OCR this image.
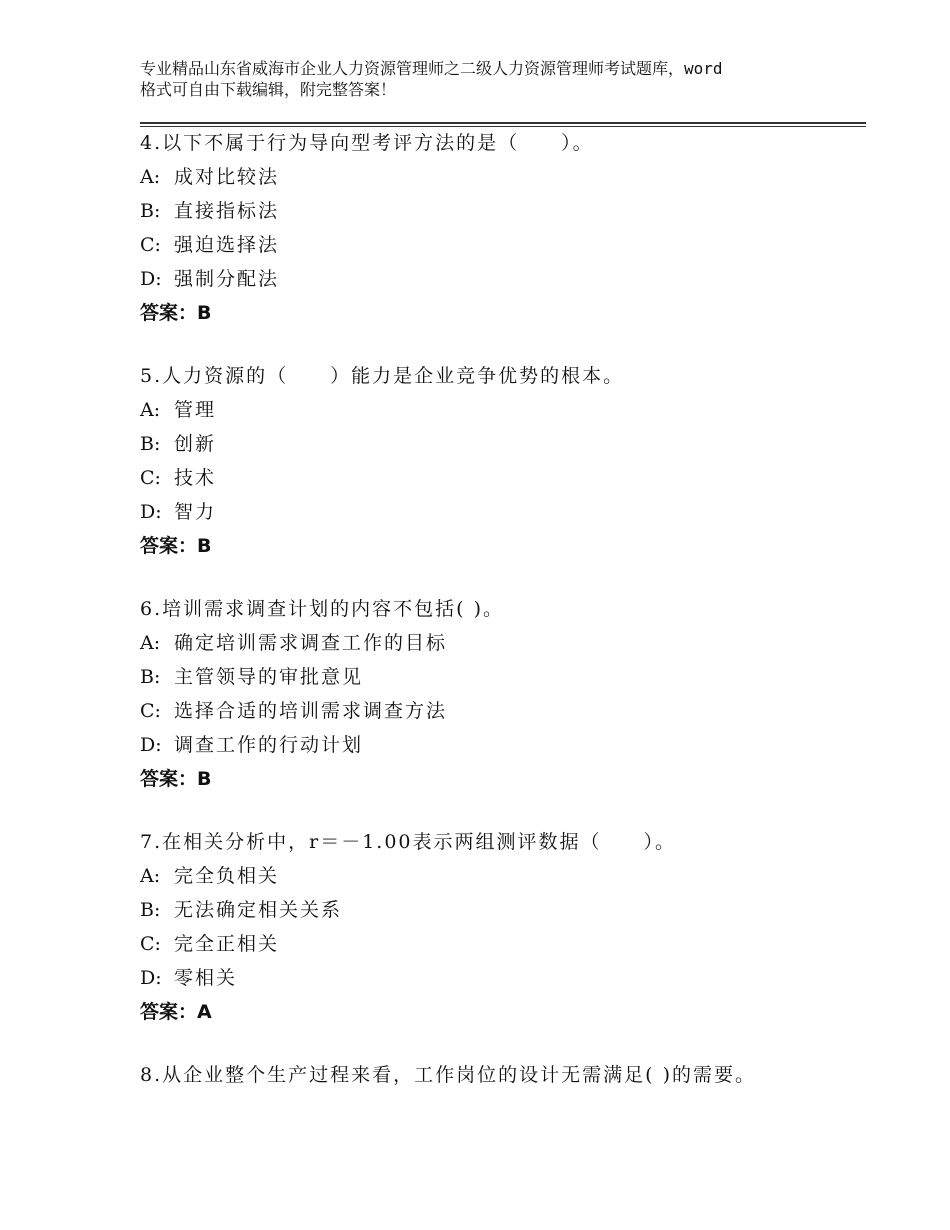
专业精品山东省威海市企业人力资源管理师之二级人力资源管理师考试题库，word
格式可自由下载编辑，附完整答案！
4.以下不属于行为导向型考评方法的是（　　）。
A: 成对比较法
B: 直接指标法
C: 强迫选择法
D: 强制分配法
答案：B
5.人力资源的（　　）能力是企业竞争优势的根本。
A: 管理
B: 创新
C: 技术
D: 智力
答案：B
6.培训需求调查计划的内容不包括( )。
A: 确定培训需求调查工作的目标
B: 主管领导的审批意见
C: 选择合适的培训需求调查方法
D: 调查工作的行动计划
答案：B
7.在相关分析中，r＝－1.00表示两组测评数据（　　）。
A: 完全负相关
B: 无法确定相关关系
C: 完全正相关
D: 零相关
答案：A
8.从企业整个生产过程来看，工作岗位的设计无需满足( )的需要。
